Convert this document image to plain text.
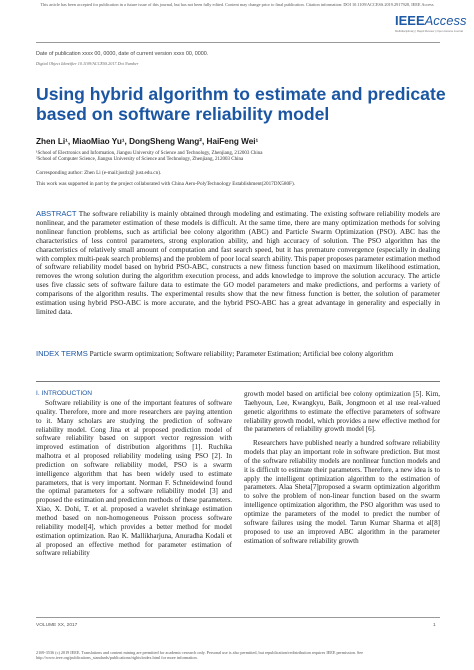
This article has been accepted for publication in a future issue of this journal, but has not been fully edited. Content may change prior to final publication. Citation information: DOI 10.1109/ACCESS.2019.2917928, IEEE Access
IEEEAccess
Multidisciplinary | Rapid Review | Open Access Journal
Date of publication xxxx 00, 0000, date of current version xxxx 00, 0000.
Digital Object Identifier 10.1109/ACCESS.2017.Doi Number
Using hybrid algorithm to estimate and predicate based on software reliability model
Zhen Li¹, MiaoMiao Yu¹, DongSheng Wang², HaiFeng Wei¹
¹School of Electronics and Information, Jiangsu University of Science and Technology, Zhenjiang, 212003 China
²School of Computer Science, Jiangsu University of Science and Technology, Zhenjiang, 212003 China
Corresponding author: Zhen Li (e-mail:justlz@ just.edu.cn).
This work was supported in part by the project collaborated with China Aero-PolyTechnology Establishment(2017DX580F).
ABSTRACT The software reliability is mainly obtained through modeling and estimating. The existing software reliability models are nonlinear, and the parameter estimation of these models is difficult. At the same time, there are many optimization methods for solving nonlinear function problems, such as artificial bee colony algorithm (ABC) and Particle Swarm Optimization (PSO). ABC has the characteristics of less control parameters, strong exploration ability, and high accuracy of solution. The PSO algorithm has the characteristics of relatively small amount of computation and fast search speed, but it has premature convergence (especially in dealing with complex multi-peak search problems) and the problem of poor local search ability. This paper proposes parameter estimation method of software reliability model based on hybrid PSO-ABC, constructs a new fitness function based on maximum likelihood estimation, removes the wrong solution during the algorithm execution process, and adds knowledge to improve the solution accuracy. The article uses five classic sets of software failure data to estimate the GO model parameters and make predictions, and performs a variety of comparisons of the algorithm results. The experimental results show that the new fitness function is better, the solution of parameter estimation using hybrid PSO-ABC is more accurate, and the hybrid PSO-ABC has a great advantage in generality and especially in limited data.
INDEX TERMS Particle swarm optimization; Software reliability; Parameter Estimation; Artificial bee colony algorithm
I. INTRODUCTION

Software reliability is one of the important features of software quality. Therefore, more and more researchers are paying attention to it. Many scholars are studying the prediction of software reliability model. Cong Jina et al proposed prediction model of software reliability based on support vector regression with improved estimation of distribution algorithms [1]. Ruchika malhotra et al proposed reliability modeling using PSO [2]. In prediction on software reliability model, PSO is a swarm intelligence algorithm that has been widely used to estimate parameters, that is very important. Norman F. Schneidewind found the optimal parameters for a software reliability model [3] and proposed the estimation and prediction methods of these parameters. Xiao, X. Dohi, T. et al. proposed a wavelet shrinkage estimation method based on non-homogeneous Poisson process software reliability model[4], which provides a better method for model estimation optimization. Rao K. Mallikharjuna, Anuradha Kodali et al proposed an effective method for parameter estimation of software reliability

growth model based on artificial bee colony optimization [5]. Kim, Taehyoun, Lee, Kwangkyu, Baik, Jongmoon et al use real-valued genetic algorithms to estimate the effective parameters of software reliability growth model, which provides a new effective method for the parameters of reliability growth model [6].

Researchers have published nearly a hundred software reliability models that play an important role in software prediction. But most of the software reliability models are nonlinear function models and it is difficult to estimate their parameters. Therefore, a new idea is to apply the intelligent optimization algorithm to the estimation of parameters. Alaa Sheta[7]proposed a swarm optimization algorithm to solve the problem of non-linear function based on the swarm intelligence optimization algorithm, the PSO algorithm was used to optimize the parameters of the model to predict the number of software failures using the model. Tarun Kumar Sharma et al[8] proposed to use an improved ABC algorithm in the parameter estimation of software reliability growth

VOLUME XX, 2017	1
2169-3536 (c) 2019 IEEE. Translations and content mining are permitted for academic research only. Personal use is also permitted, but republication/redistribution requires IEEE permission. See http://www.ieee.org/publications_standards/publications/rights/index.html for more information.
